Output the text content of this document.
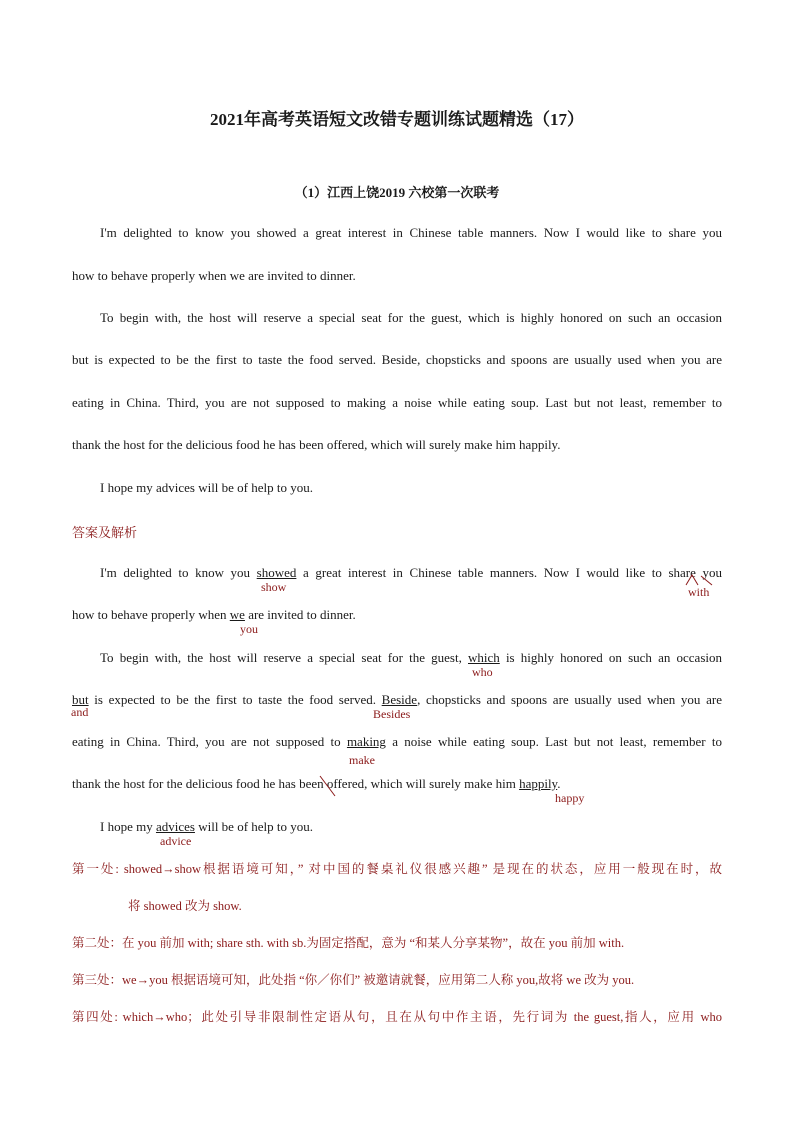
2021年高考英语短文改错专题训练试题精选（17）
（1）江西上饶2019 六校第一次联考
I'm delighted to know you showed a great interest in Chinese table manners. Now I would like to share you
how to behave properly when we are invited to dinner.
To begin with, the host will reserve a special seat for the guest, which is highly honored on such an occasion
but is expected to be the first to taste the food served. Beside, chopsticks and spoons are usually used when you are
eating in China. Third, you are not supposed to making a noise while eating soup. Last but not least, remember to
thank the host for the delicious food he has been offered, which will surely make him happily.
I hope my advices will be of help to you.
答案及解析
I'm delighted to know you showed a great interest in Chinese table manners. Now I would like to share you
how to behave properly when we are invited to dinner.
To begin with, the host will reserve a special seat for the guest, which is highly honored on such an occasion
but is expected to be the first to taste the food served. Beside, chopsticks and spoons are usually used when you are
eating in China. Third, you are not supposed to making a noise while eating soup. Last but not least, remember to
thank the host for the delicious food he has been offered, which will surely make him happily.
I hope my advices will be of help to you.
show	with
you
who
and	Besides
make
happy
advice
第一处: showed→show根据语境可知，” 对中国的餐桌礼仪很感兴趣” 是现在的状态，应用一般现在时，故
将 showed 改为 show.
第二处：在 you 前加 with; share sth. with sb.为固定搭配，意为 “和某人分享某物”，故在 you 前加 with.
第三处：we→you 根据语境可知，此处指 “你／你们” 被邀请就餐，应用第二人称 you,故将 we 改为 you.
第四处: which→who；此处引导非限制性定语从句，且在从句中作主语，先行词为 the guest,指人，应用 who
